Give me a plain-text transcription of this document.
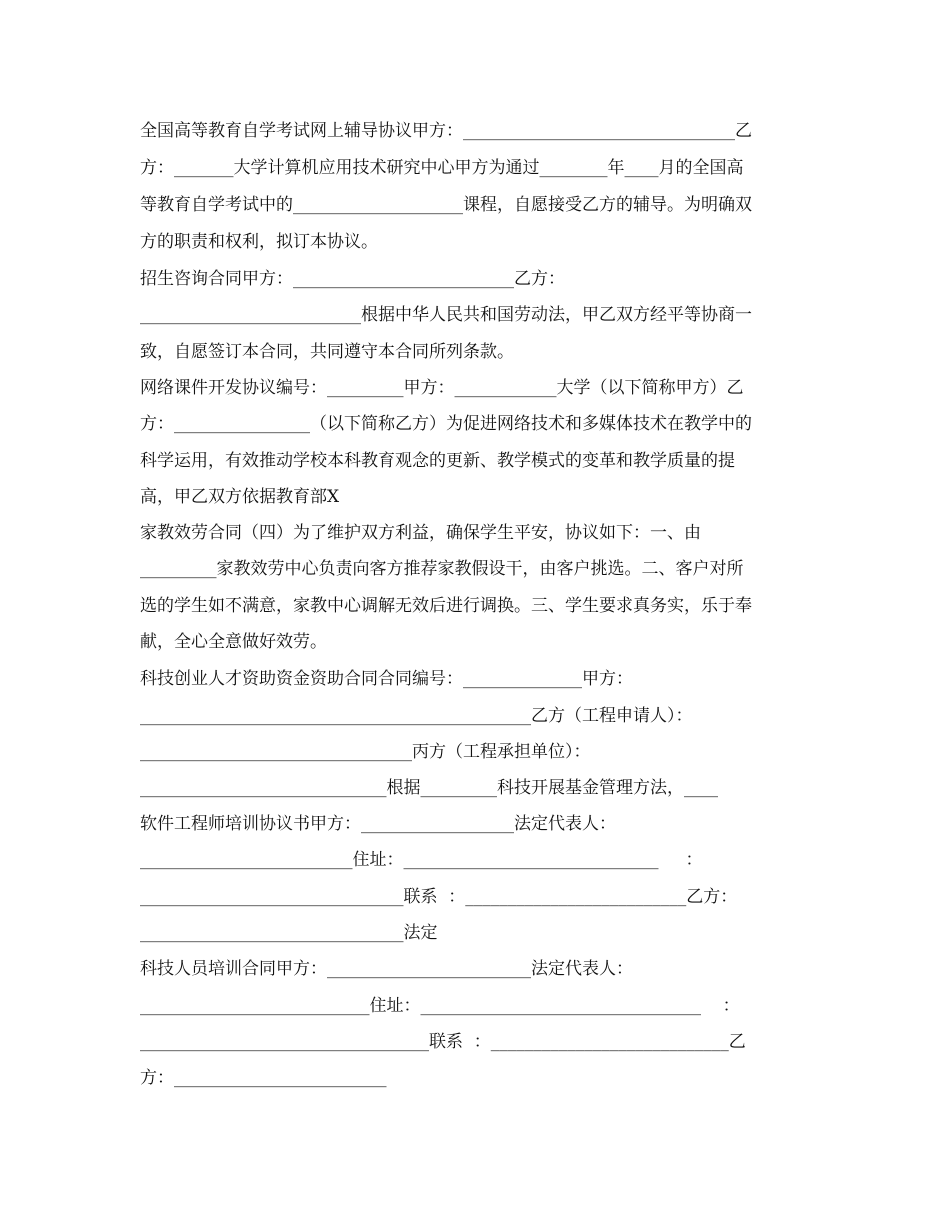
全国高等教育自学考试网上辅导协议甲方：________________________________乙
方：_______大学计算机应用技术研究中心甲方为通过________年____月的全国高
等教育自学考试中的____________________课程，自愿接受乙方的辅导。为明确双
方的职责和权利，拟订本协议。
招生咨询合同甲方：__________________________乙方：
__________________________根据中华人民共和国劳动法，甲乙双方经平等协商一
致，自愿签订本合同，共同遵守本合同所列条款。
网络课件开发协议编号：_________甲方：____________大学（以下简称甲方）乙
方：________________（以下简称乙方）为促进网络技术和多媒体技术在教学中的
科学运用，有效推动学校本科教育观念的更新、教学模式的变革和教学质量的提
高，甲乙双方依据教育部X
家教效劳合同（四）为了维护双方利益，确保学生平安，协议如下：一、由
_________家教效劳中心负责向客方推荐家教假设干，由客户挑选。二、客户对所
选的学生如不满意，家教中心调解无效后进行调换。三、学生要求真务实，乐于奉
献，全心全意做好效劳。
科技创业人才资助资金资助合同合同编号：______________甲方：
______________________________________________乙方（工程申请人）：
________________________________丙方（工程承担单位）：
_____________________________根据_________科技开展基金管理方法，____
软件工程师培训协议书甲方：__________________法定代表人：
_________________________住址：______________________________     ：
_______________________________联系  ：__________________________乙方：
_______________________________法定
科技人员培训合同甲方：________________________法定代表人：
___________________________住址：_________________________________    ：
__________________________________联系  ：____________________________乙
方：_________________________
